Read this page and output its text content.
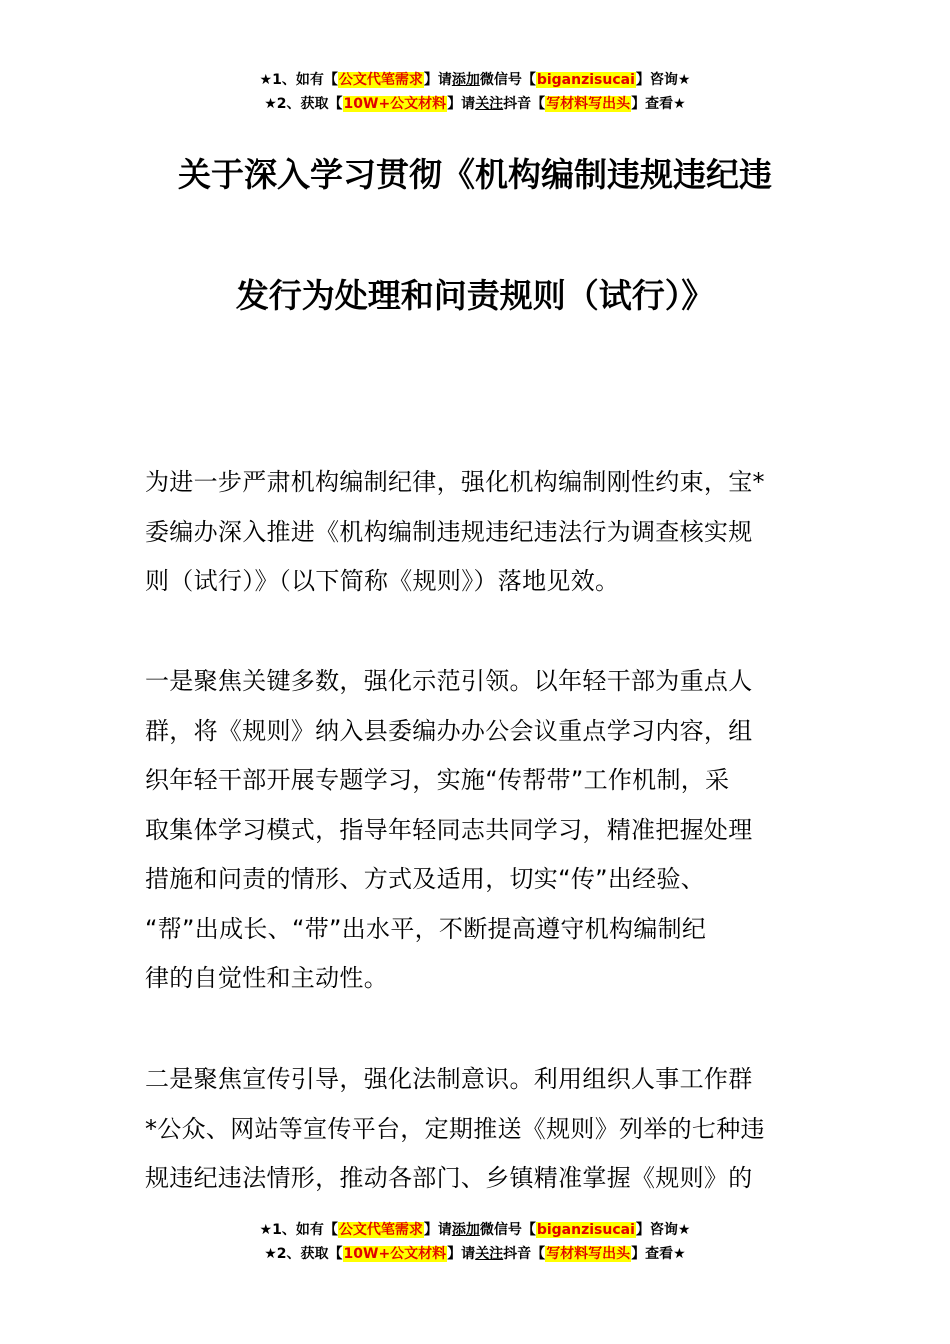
★1、如有【公文代笔需求】请添加微信号【biganzisucai】咨询★
★2、获取【10W+公文材料】请关注抖音【写材料写出头】查看★
关于深入学习贯彻《机构编制违规违纪违
发行为处理和问责规则（试行）》
为进一步严肃机构编制纪律，强化机构编制刚性约束，宝*
委编办深入推进《机构编制违规违纪违法行为调查核实规
则（试行）》（以下简称《规则》）落地见效。
一是聚焦关键多数，强化示范引领。以年轻干部为重点人
群，将《规则》纳入县委编办办公会议重点学习内容，组
织年轻干部开展专题学习，实施“传帮带”工作机制，采
取集体学习模式，指导年轻同志共同学习，精准把握处理
措施和问责的情形、方式及适用，切实“传”出经验、
“帮”出成长、“带”出水平，不断提高遵守机构编制纪
律的自觉性和主动性。
二是聚焦宣传引导，强化法制意识。利用组织人事工作群
*公众、网站等宣传平台，定期推送《规则》列举的七种违
规违纪违法情形，推动各部门、乡镇精准掌握《规则》的
★1、如有【公文代笔需求】请添加微信号【biganzisucai】咨询★
★2、获取【10W+公文材料】请关注抖音【写材料写出头】查看★
